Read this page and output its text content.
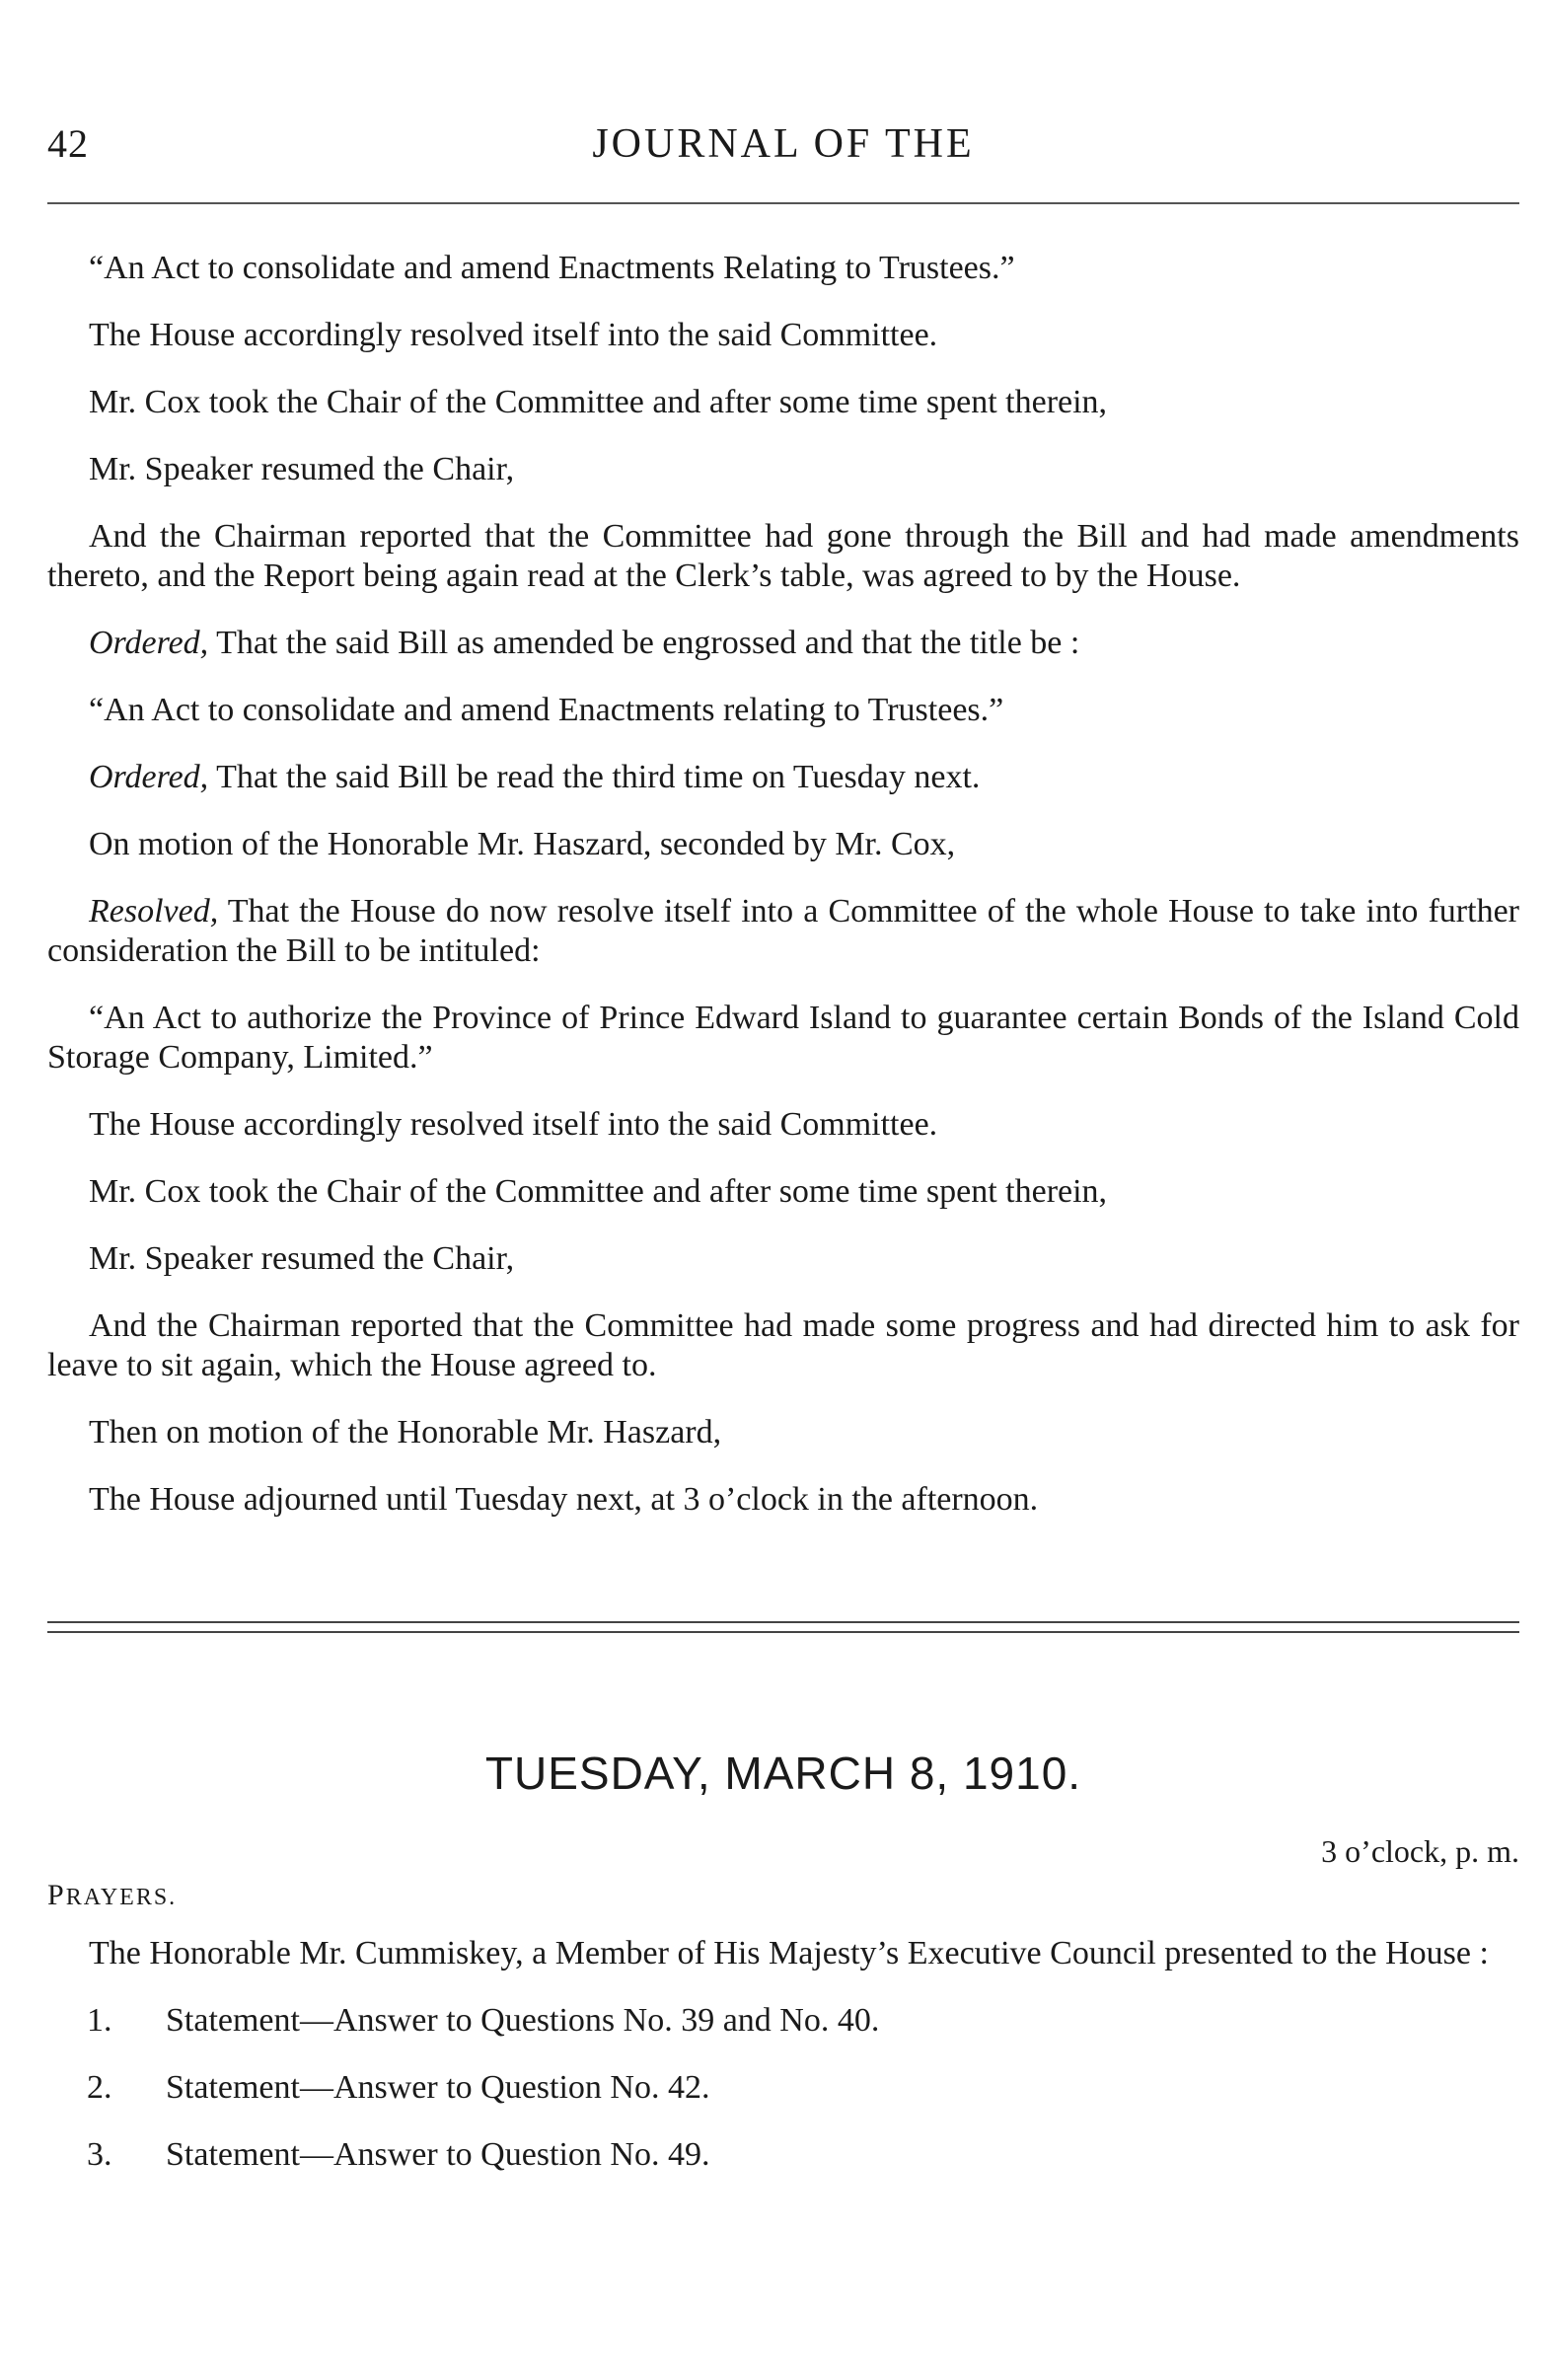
42	JOURNAL OF THE

“An Act to consolidate and amend Enactments Relating to Trustees.”

The House accordingly resolved itself into the said Committee.

Mr. Cox took the Chair of the Committee and after some time spent therein,

Mr. Speaker resumed the Chair,

And the Chairman reported that the Committee had gone through the Bill and had made amendments thereto, and the Report being again read at the Clerk’s table, was agreed to by the House.

Ordered, That the said Bill as amended be engrossed and that the title be :

“An Act to consolidate and amend Enactments relating to Trustees.”

Ordered, That the said Bill be read the third time on Tuesday next.

On motion of the Honorable Mr. Haszard, seconded by Mr. Cox,

Resolved, That the House do now resolve itself into a Committee of the whole House to take into further consideration the Bill to be intituled:

“An Act to authorize the Province of Prince Edward Island to guarantee certain Bonds of the Island Cold Storage Company, Limited.”

The House accordingly resolved itself into the said Committee.

Mr. Cox took the Chair of the Committee and after some time spent therein,

Mr. Speaker resumed the Chair,

And the Chairman reported that the Committee had made some progress and had directed him to ask for leave to sit again, which the House agreed to.

Then on motion of the Honorable Mr. Haszard,

The House adjourned until Tuesday next, at 3 o’clock in the afternoon.

TUESDAY, MARCH 8, 1910.
3 o’clock, p. m.
PRAYERS.

The Honorable Mr. Cummiskey, a Member of His Majesty’s Executive Council presented to the House :

1. Statement—Answer to Questions No. 39 and No. 40.
2. Statement—Answer to Question No. 42.
3. Statement—Answer to Question No. 49.
